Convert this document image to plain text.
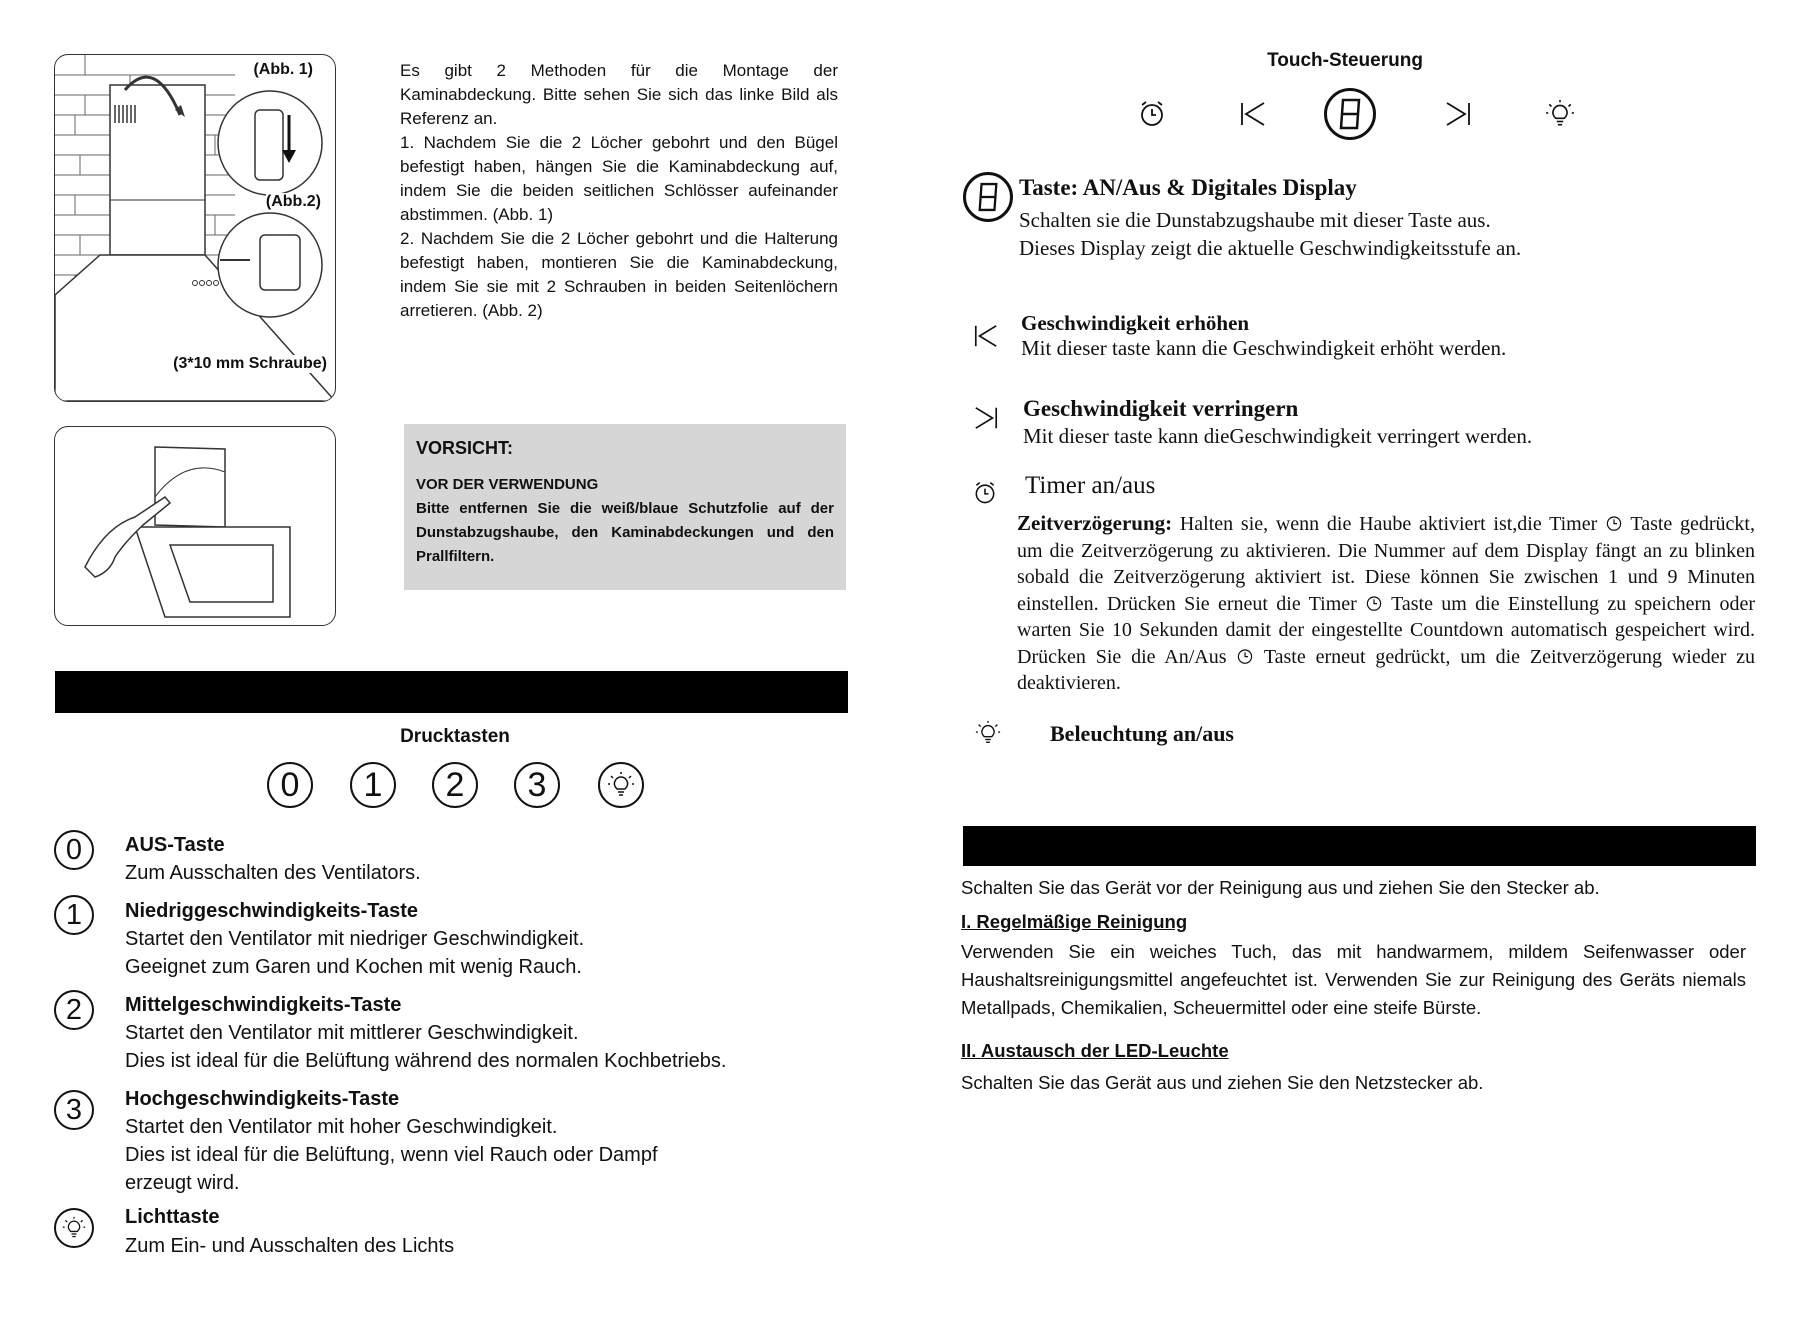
(Abb. 1)
(Abb.2)
(3*10 mm Schraube)

Es gibt 2 Methoden für die Montage der Kaminabdeckung. Bitte sehen Sie sich das linke Bild als Referenz an.

1. Nachdem Sie die 2 Löcher gebohrt und den Bügel befestigt haben, hängen Sie die Kaminabdeckung auf, indem Sie die beiden seitlichen Schlösser aufeinander abstimmen. (Abb. 1)

2. Nachdem Sie die 2 Löcher gebohrt und die Halterung befestigt haben, montieren Sie die Kaminabdeckung, indem Sie sie mit 2 Schrauben in beiden Seitenlöchern arretieren. (Abb. 2)

VORSICHT:
VOR DER VERWENDUNG
Bitte entfernen Sie die weiß/blaue Schutzfolie auf der Dunstabzugshaube, den Kaminabdeckungen und den Prallfiltern.
Drucktasten
0	1	2	3
0	AUS-Taste
Zum Ausschalten des Ventilators.
1	Niedriggeschwindigkeits-Taste
Startet den Ventilator mit niedriger Geschwindigkeit.
Geeignet zum Garen und Kochen mit wenig Rauch.
2	Mittelgeschwindigkeits-Taste
Startet den Ventilator mit mittlerer Geschwindigkeit.
Dies ist ideal für die Belüftung während des normalen Kochbetriebs.
3	Hochgeschwindigkeits-Taste
Startet den Ventilator mit hoher Geschwindigkeit.
Dies ist ideal für die Belüftung, wenn viel Rauch oder Dampf
erzeugt wird.
Lichttaste
Zum Ein- und Ausschalten des Lichts
Touch-Steuerung
Taste: AN/Aus & Digitales Display
Schalten sie die Dunstabzugshaube mit dieser Taste aus.
Dieses Display zeigt die aktuelle Geschwindigkeitsstufe an.
Geschwindigkeit erhöhen
Mit dieser taste kann die Geschwindigkeit erhöht werden.
Geschwindigkeit verringern
Mit dieser taste kann dieGeschwindigkeit verringert werden.
Timer an/aus

Zeitverzögerung: Halten sie, wenn die Haube aktiviert ist,die Timer  Taste gedrückt, um die Zeitverzögerung zu aktivieren. Die Nummer auf dem Display fängt an zu blinken sobald die Zeitverzögerung aktiviert ist. Diese können Sie zwischen 1 und 9 Minuten einstellen. Drücken Sie erneut die Timer  Taste um die Einstellung zu speichern oder warten Sie 10 Sekunden damit der eingestellte Countdown automatisch gespeichert wird. Drücken Sie die An/Aus  Taste erneut gedrückt, um die Zeitverzögerung wieder zu deaktivieren.

Beleuchtung an/aus
Schalten Sie das Gerät vor der Reinigung aus und ziehen Sie den Stecker ab.
I. Regelmäßige Reinigung

Verwenden Sie ein weiches Tuch, das mit handwarmem, mildem Seifenwasser oder Haushaltsreinigungsmittel angefeuchtet ist. Verwenden Sie zur Reinigung des Geräts niemals Metallpads, Chemikalien, Scheuermittel oder eine steife Bürste.

II. Austausch der LED-Leuchte
Schalten Sie das Gerät aus und ziehen Sie den Netzstecker ab.
